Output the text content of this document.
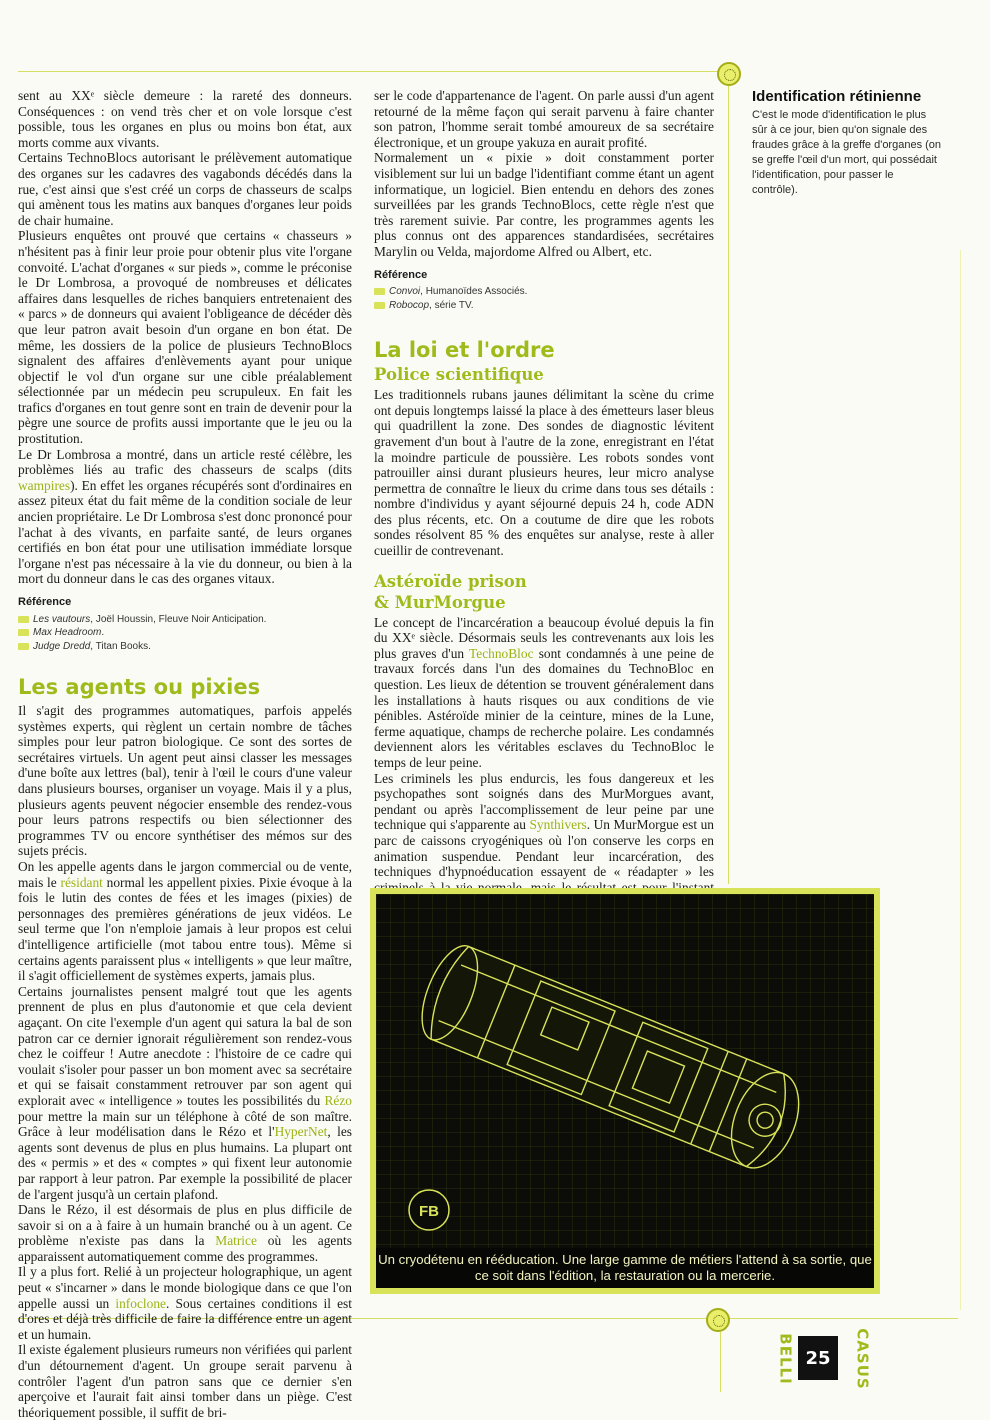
sent au XXᵉ siècle demeure : la rareté des donneurs. Conséquences : on vend très cher et on vole lorsque c'est possible, tous les organes en plus ou moins bon état, aux morts comme aux vivants.

Certains TechnoBlocs autorisant le prélèvement automatique des organes sur les cadavres des vagabonds décédés dans la rue, c'est ainsi que s'est créé un corps de chasseurs de scalps qui amènent tous les matins aux banques d'organes leur poids de chair humaine.

Plusieurs enquêtes ont prouvé que certains « chasseurs » n'hésitent pas à finir leur proie pour obtenir plus vite l'organe convoité. L'achat d'organes « sur pieds », comme le préconise le Dr Lombrosa, a provoqué de nombreuses et délicates affaires dans lesquelles de riches banquiers entretenaient des « parcs » de donneurs qui avaient l'obligeance de décéder dès que leur patron avait besoin d'un organe en bon état. De même, les dossiers de la police de plusieurs TechnoBlocs signalent des affaires d'enlèvements ayant pour unique objectif le vol d'un organe sur une cible préalablement sélectionnée par un médecin peu scrupuleux. En fait les trafics d'organes en tout genre sont en train de devenir pour la pègre une source de profits aussi importante que le jeu ou la prostitution.

Le Dr Lombrosa a montré, dans un article resté célèbre, les problèmes liés au trafic des chasseurs de scalps (dits wampires). En effet les organes récupérés sont d'ordinaires en assez piteux état du fait même de la condition sociale de leur ancien propriétaire. Le Dr Lombrosa s'est donc prononcé pour l'achat à des vivants, en parfaite santé, de leurs organes certifiés en bon état pour une utilisation immédiate lorsque l'organe n'est pas nécessaire à la vie du donneur, ou bien à la mort du donneur dans le cas des organes vitaux.

Référence
Les vautours, Joël Houssin, Fleuve Noir Anticipation.
Max Headroom.
Judge Dredd, Titan Books.
Les agents ou pixies

Il s'agit des programmes automatiques, parfois appelés systèmes experts, qui règlent un certain nombre de tâches simples pour leur patron biologique. Ce sont des sortes de secrétaires virtuels. Un agent peut ainsi classer les messages d'une boîte aux lettres (bal), tenir à l'œil le cours d'une valeur dans plusieurs bourses, organiser un voyage. Mais il y a plus, plusieurs agents peuvent négocier ensemble des rendez-vous pour leurs patrons respectifs ou bien sélectionner des programmes TV ou encore synthétiser des mémos sur des sujets précis.

On les appelle agents dans le jargon commercial ou de vente, mais le résidant normal les appellent pixies. Pixie évoque à la fois le lutin des contes de fées et les images (pixies) de personnages des premières générations de jeux vidéos. Le seul terme que l'on n'emploie jamais à leur propos est celui d'intelligence artificielle (mot tabou entre tous). Même si certains agents paraissent plus « intelligents » que leur maître, il s'agit officiellement de systèmes experts, jamais plus.

Certains journalistes pensent malgré tout que les agents prennent de plus en plus d'autonomie et que cela devient agaçant. On cite l'exemple d'un agent qui satura la bal de son patron car ce dernier ignorait régulièrement son rendez-vous chez le coiffeur ! Autre anecdote : l'histoire de ce cadre qui voulait s'isoler pour passer un bon moment avec sa secrétaire et qui se faisait constamment retrouver par son agent qui explorait avec « intelligence » toutes les possibilités du Rézo pour mettre la main sur un téléphone à côté de son maître. Grâce à leur modélisation dans le Rézo et l'HyperNet, les agents sont devenus de plus en plus humains. La plupart ont des « permis » et des « comptes » qui fixent leur autonomie par rapport à leur patron. Par exemple la possibilité de placer de l'argent jusqu'à un certain plafond.

Dans le Rézo, il est désormais de plus en plus difficile de savoir si on a à faire à un humain branché ou à un agent. Ce problème n'existe pas dans la Matrice où les agents apparaissent automatiquement comme des programmes.

Il y a plus fort. Relié à un projecteur holographique, un agent peut « s'incarner » dans le monde biologique dans ce que l'on appelle aussi un infoclone. Sous certaines conditions il est d'ores et déjà très difficile de faire la différence entre un agent et un humain.

Il existe également plusieurs rumeurs non vérifiées qui parlent d'un détournement d'agent. Un groupe serait parvenu à contrôler l'agent d'un patron sans que ce dernier s'en aperçoive et l'aurait fait ainsi tomber dans un piège. C'est théoriquement possible, il suffit de bri-

ser le code d'appartenance de l'agent. On parle aussi d'un agent retourné de la même façon qui serait parvenu à faire chanter son patron, l'homme serait tombé amoureux de sa secrétaire électronique, et un groupe yakuza en aurait profité.

Normalement un « pixie » doit constamment porter visiblement sur lui un badge l'identifiant comme étant un agent informatique, un logiciel. Bien entendu en dehors des zones surveillées par les grands TechnoBlocs, cette règle n'est que très rarement suivie. Par contre, les programmes agents les plus connus ont des apparences standardisées, secrétaires Marylin ou Velda, majordome Alfred ou Albert, etc.

Référence
Convoi, Humanoïdes Associés.
Robocop, série TV.
La loi et l'ordre
Police scientifique

Les traditionnels rubans jaunes délimitant la scène du crime ont depuis longtemps laissé la place à des émetteurs laser bleus qui quadrillent la zone. Des sondes de diagnostic lévitent gravement d'un bout à l'autre de la zone, enregistrant en l'état la moindre particule de poussière. Les robots sondes vont patrouiller ainsi durant plusieurs heures, leur micro analyse permettra de connaître le lieux du crime dans tous ses détails : nombre d'individus y ayant séjourné depuis 24 h, code ADN des plus récents, etc. On a coutume de dire que les robots sondes résolvent 85 % des enquêtes sur analyse, reste à aller cueillir de contrevenant.

Astéroïde prison
& MurMorgue

Le concept de l'incarcération a beaucoup évolué depuis la fin du XXᵉ siècle. Désormais seuls les contrevenants aux lois les plus graves d'un TechnoBloc sont condamnés à une peine de travaux forcés dans l'un des domaines du TechnoBloc en question. Les lieux de détention se trouvent généralement dans les installations à hauts risques ou aux conditions de vie pénibles. Astéroïde minier de la ceinture, mines de la Lune, ferme aquatique, champs de recherche polaire. Les condamnés deviennent alors les véritables esclaves du TechnoBloc le temps de leur peine.

Les criminels les plus endurcis, les fous dangereux et les psychopathes sont soignés dans des MurMorgues avant, pendant ou après l'accomplissement de leur peine par une technique qui s'apparente au Synthivers. Un MurMorgue est un parc de caissons cryogéniques où l'on conserve les corps en animation suspendue. Pendant leur incarcération, des techniques d'hypnoéducation essayent de « réadapter » les

Identification rétinienne
C'est le mode d'identification le plus sûr à ce jour, bien qu'on signale des fraudes grâce à la greffe d'organes (on se greffe l'œil d'un mort, qui possédait l'identification, pour passer le contrôle).
FB
Un cryodétenu en rééducation. Une large gamme de métiers l'attend à sa sortie, que ce soit dans l'édition, la restauration ou la mercerie.
BELLI 25 CASUS
